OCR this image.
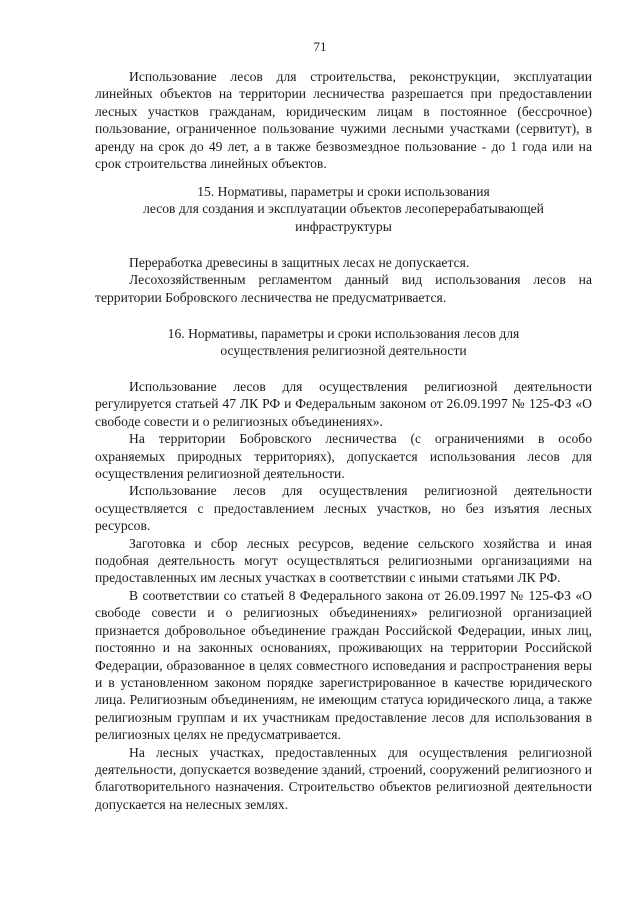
71

Использование лесов для строительства, реконструкции, эксплуатации линейных объектов на территории лесничества разрешается при предоставлении лесных участков гражданам, юридическим лицам в постоянное (бессрочное) пользование, ограниченное пользование чужими лесными участками (сервитут), в аренду на срок до 49 лет, а в также безвозмездное пользование - до 1 года или на срок строительства линейных объектов.

15. Нормативы, параметры и сроки использования
лесов для создания и эксплуатации объектов лесоперерабатывающей
инфраструктуры

Переработка древесины в защитных лесах не допускается.

Лесохозяйственным регламентом данный вид использования лесов на территории Бобровского лесничества не предусматривается.

16. Нормативы, параметры и сроки использования лесов для
осуществления религиозной деятельности

Использование лесов для осуществления религиозной деятельности регулируется статьей 47 ЛК РФ и Федеральным законом от 26.09.1997 № 125-ФЗ «О свободе совести и о религиозных объединениях».

На территории Бобровского лесничества (с ограничениями в особо охраняемых природных территориях), допускается использования лесов для осуществления религиозной деятельности.

Использование лесов для осуществления религиозной деятельности осуществляется с предоставлением лесных участков, но без изъятия лесных ресурсов.

Заготовка и сбор лесных ресурсов, ведение сельского хозяйства и иная подобная деятельность могут осуществляться религиозными организациями на предоставленных им лесных участках в соответствии с иными статьями ЛК РФ.

В соответствии со статьей 8 Федерального закона от 26.09.1997 № 125-ФЗ «О свободе совести и о религиозных объединениях» религиозной организацией признается добровольное объединение граждан Российской Федерации, иных лиц, постоянно и на законных основаниях, проживающих на территории Российской Федерации, образованное в целях совместного исповедания и распространения веры и в установленном законом порядке зарегистрированное в качестве юридического лица. Религиозным объединениям, не имеющим статуса юридического лица, а также религиозным группам и их участникам предоставление лесов для использования в религиозных целях не предусматривается.

На лесных участках, предоставленных для осуществления религиозной деятельности, допускается возведение зданий, строений, сооружений религиозного и благотворительного назначения. Строительство объектов религиозной деятельности допускается на нелесных землях.
